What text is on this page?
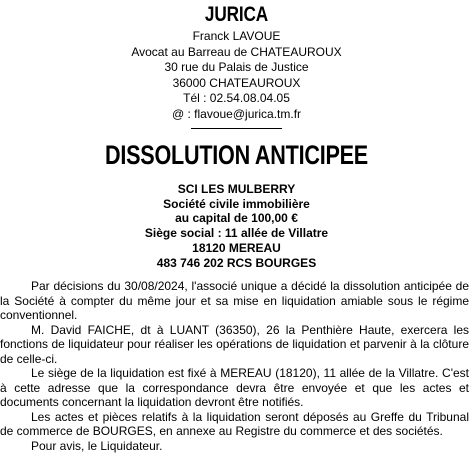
JURICA
Franck LAVOUE
Avocat au Barreau de CHATEAUROUX
30 rue du Palais de Justice
36000 CHATEAUROUX
Tél : 02.54.08.04.05
@ : flavoue@jurica.tm.fr
DISSOLUTION ANTICIPEE
SCI LES MULBERRY
Société civile immobilière
au capital de 100,00 €
Siège social : 11 allée de Villatre
18120 MEREAU
483 746 202 RCS BOURGES

Par décisions du 30/08/2024, l'associé unique a décidé la dissolution anticipée de la Société à compter du même jour et sa mise en liquidation amiable sous le régime conventionnel.

M. David FAICHE, dt à LUANT (36350), 26 la Penthière Haute, exercera les fonctions de liquidateur pour réaliser les opérations de liquidation et parvenir à la clôture de celle-ci.

Le siège de la liquidation est fixé à MEREAU (18120), 11 allée de la Villatre. C'est à cette adresse que la correspondance devra être envoyée et que les actes et documents concernant la liquidation devront être notifiés.

Les actes et pièces relatifs à la liquidation seront déposés au Greffe du Tribunal de commerce de BOURGES, en annexe au Registre du commerce et des sociétés.

Pour avis, le Liquidateur.
